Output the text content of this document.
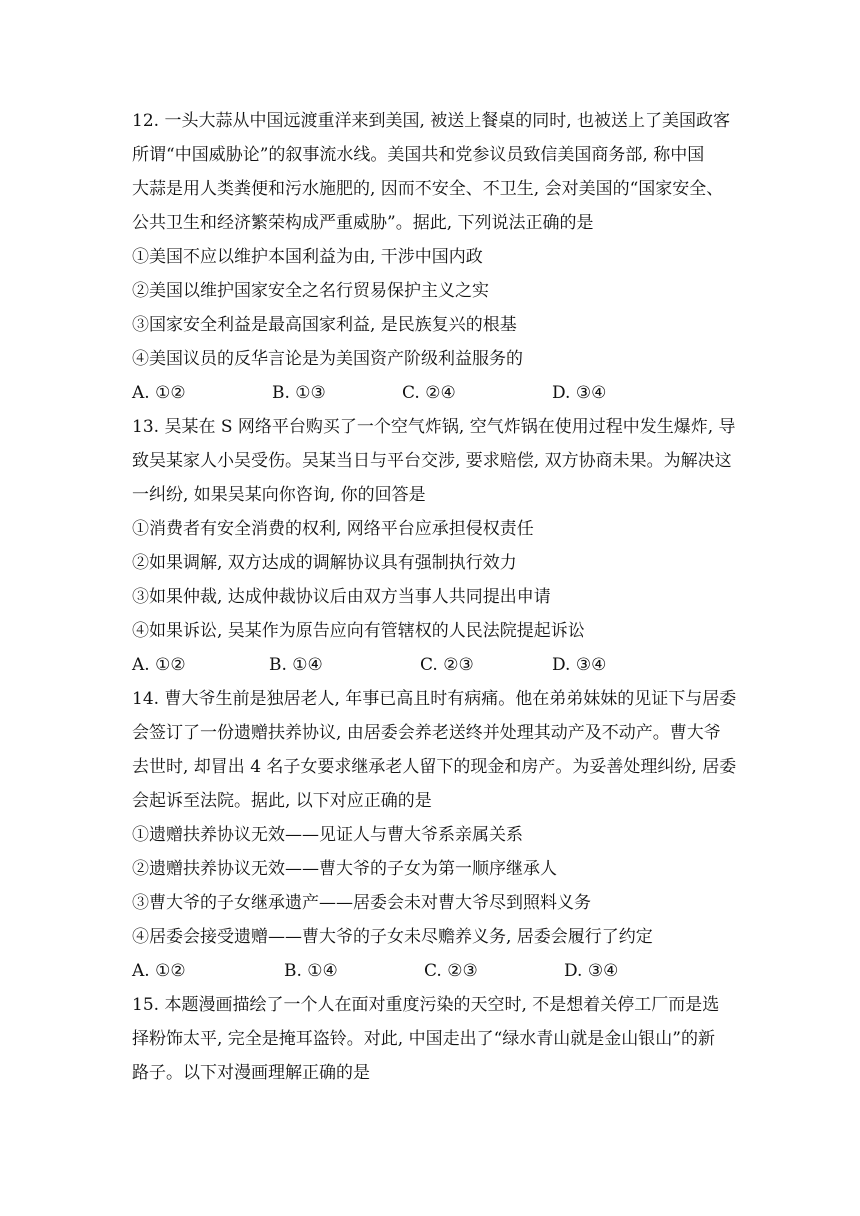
12. 一头大蒜从中国远渡重洋来到美国, 被送上餐桌的同时, 也被送上了美国政客
所谓“中国威胁论”的叙事流水线。美国共和党参议员致信美国商务部, 称中国
大蒜是用人类粪便和污水施肥的, 因而不安全、不卫生, 会对美国的“国家安全、
公共卫生和经济繁荣构成严重威胁”。据此, 下列说法正确的是
①美国不应以维护本国利益为由, 干涉中国内政
②美国以维护国家安全之名行贸易保护主义之实
③国家安全利益是最高国家利益, 是民族复兴的根基
④美国议员的反华言论是为美国资产阶级利益服务的
A. ①②	B. ①③	C. ②④	D. ③④
13. 吴某在 S 网络平台购买了一个空气炸锅, 空气炸锅在使用过程中发生爆炸, 导
致吴某家人小吴受伤。吴某当日与平台交涉, 要求赔偿, 双方协商未果。为解决这
一纠纷, 如果吴某向你咨询, 你的回答是
①消费者有安全消费的权利, 网络平台应承担侵权责任
②如果调解, 双方达成的调解协议具有强制执行效力
③如果仲裁, 达成仲裁协议后由双方当事人共同提出申请
④如果诉讼, 吴某作为原告应向有管辖权的人民法院提起诉讼
A. ①②	B. ①④	C. ②③	D. ③④
14. 曹大爷生前是独居老人, 年事已高且时有病痛。他在弟弟妹妹的见证下与居委
会签订了一份遗赠扶养协议, 由居委会养老送终并处理其动产及不动产。曹大爷
去世时, 却冒出 4 名子女要求继承老人留下的现金和房产。为妥善处理纠纷, 居委
会起诉至法院。据此, 以下对应正确的是
①遗赠扶养协议无效——见证人与曹大爷系亲属关系
②遗赠扶养协议无效——曹大爷的子女为第一顺序继承人
③曹大爷的子女继承遗产——居委会未对曹大爷尽到照料义务
④居委会接受遗赠——曹大爷的子女未尽赡养义务, 居委会履行了约定
A. ①②	B. ①④	C. ②③	D. ③④
15. 本题漫画描绘了一个人在面对重度污染的天空时, 不是想着关停工厂而是选
择粉饰太平, 完全是掩耳盗铃。对此, 中国走出了“绿水青山就是金山银山”的新
路子。以下对漫画理解正确的是
